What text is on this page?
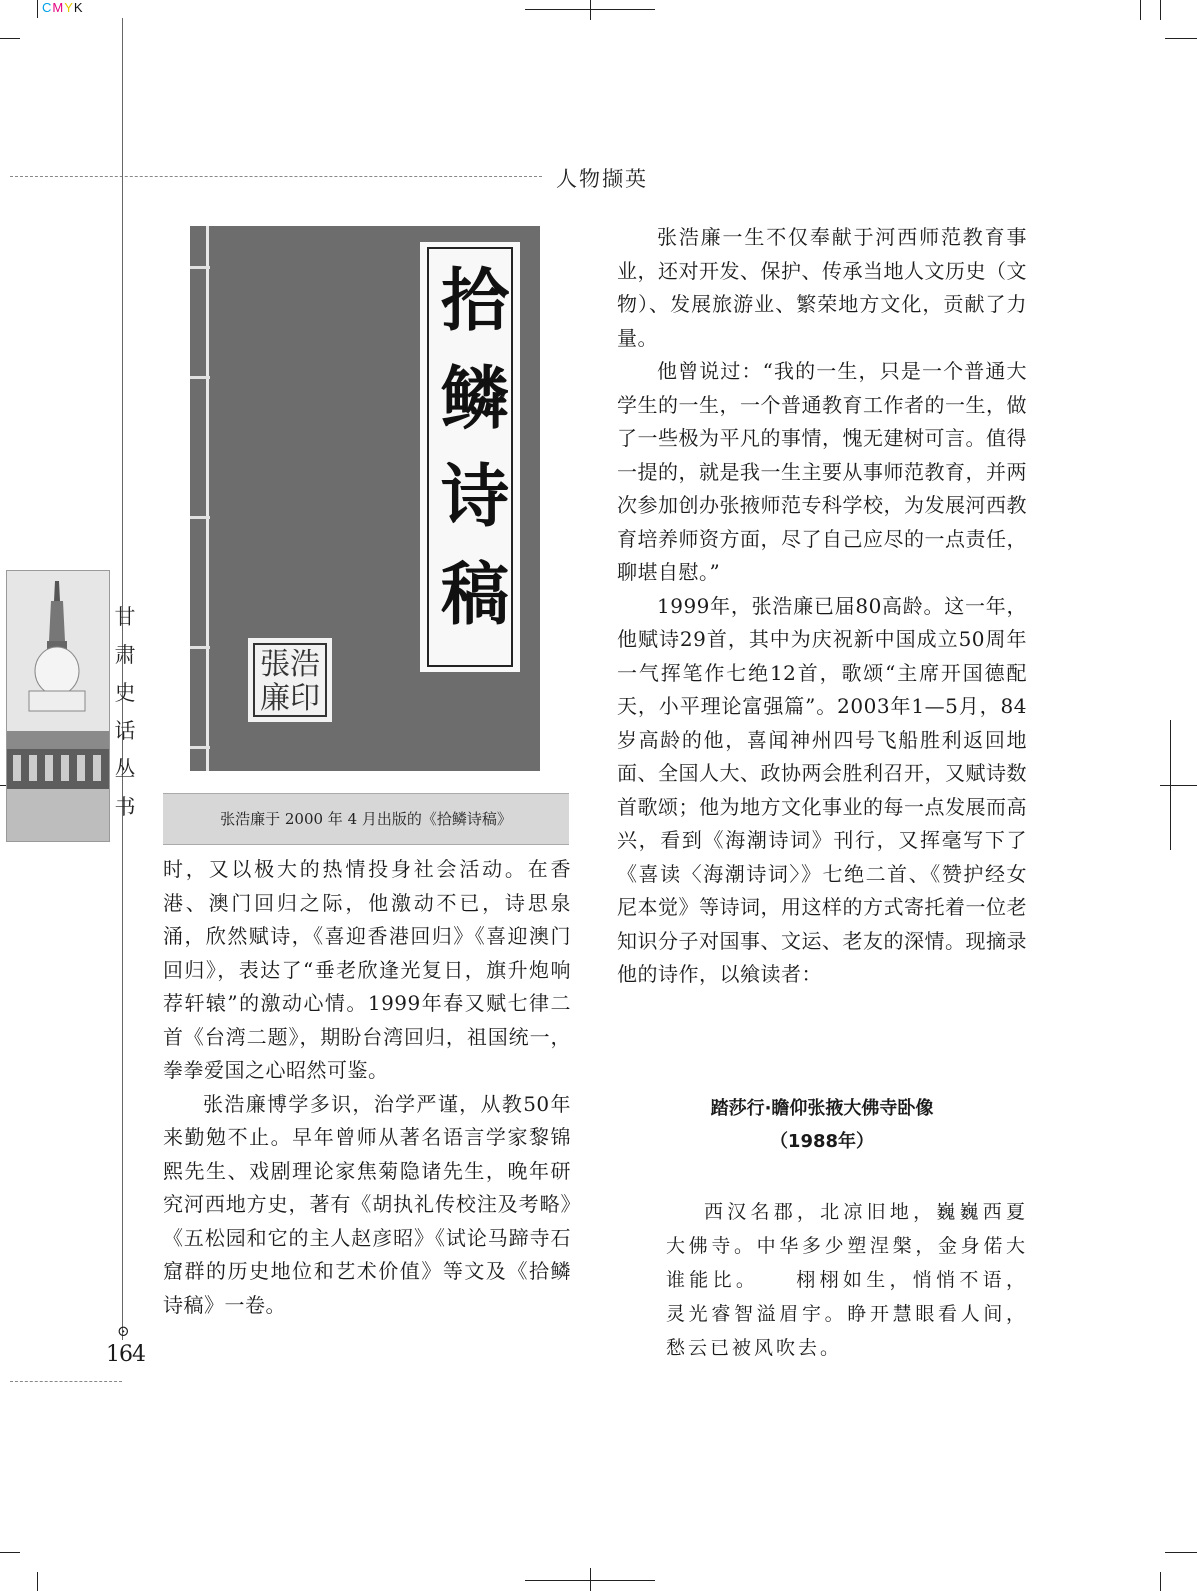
CMYK
人物撷英
甘
肃
史
话
丛
书
拾
鳞
诗
稿
張浩廉印
张浩廉于 2000 年 4 月出版的《拾鳞诗稿》

张浩廉一生不仅奉献于河西师范教育事业，还对开发、保护、传承当地人文历史（文物）、发展旅游业、繁荣地方文化，贡献了力量。

他曾说过：“我的一生，只是一个普通大学生的一生，一个普通教育工作者的一生，做了一些极为平凡的事情，愧无建树可言。值得一提的，就是我一生主要从事师范教育，并两次参加创办张掖师范专科学校，为发展河西教育培养师资方面，尽了自己应尽的一点责任，聊堪自慰。”

1999年，张浩廉已届80高龄。这一年，他赋诗29首，其中为庆祝新中国成立50周年一气挥笔作七绝12首，歌颂“主席开国德配天，小平理论富强篇”。2003年1—5月，84岁高龄的他，喜闻神州四号飞船胜利返回地面、全国人大、政协两会胜利召开，又赋诗数首歌颂；他为地方文化事业的每一点发展而高兴，看到《海潮诗词》刊行，又挥毫写下了《喜读〈海潮诗词〉》七绝二首、《赞护经女尼本觉》等诗词，用这样的方式寄托着一位老知识分子对国事、文运、老友的深情。现摘录他的诗作，以飨读者：

时，又以极大的热情投身社会活动。在香港、澳门回归之际，他激动不已，诗思泉涌，欣然赋诗，《喜迎香港回归》《喜迎澳门回归》，表达了“垂老欣逢光复日，旗升炮响荐轩辕”的激动心情。1999年春又赋七律二首《台湾二题》，期盼台湾回归，祖国统一，拳拳爱国之心昭然可鉴。

张浩廉博学多识，治学严谨，从教50年来勤勉不止。早年曾师从著名语言学家黎锦熙先生、戏剧理论家焦菊隐诸先生，晚年研究河西地方史，著有《胡执礼传校注及考略》《五松园和它的主人赵彦昭》《试论马蹄寺石窟群的历史地位和艺术价值》等文及《拾鳞诗稿》一卷。

踏莎行·瞻仰张掖大佛寺卧像
（1988年）
西汉名郡，北凉旧地，巍巍西夏大佛寺。中华多少塑涅槃，金身偌大谁能比。　　栩栩如生，悄悄不语，灵光睿智溢眉宇。睁开慧眼看人间，愁云已被风吹去。
⊙
164
